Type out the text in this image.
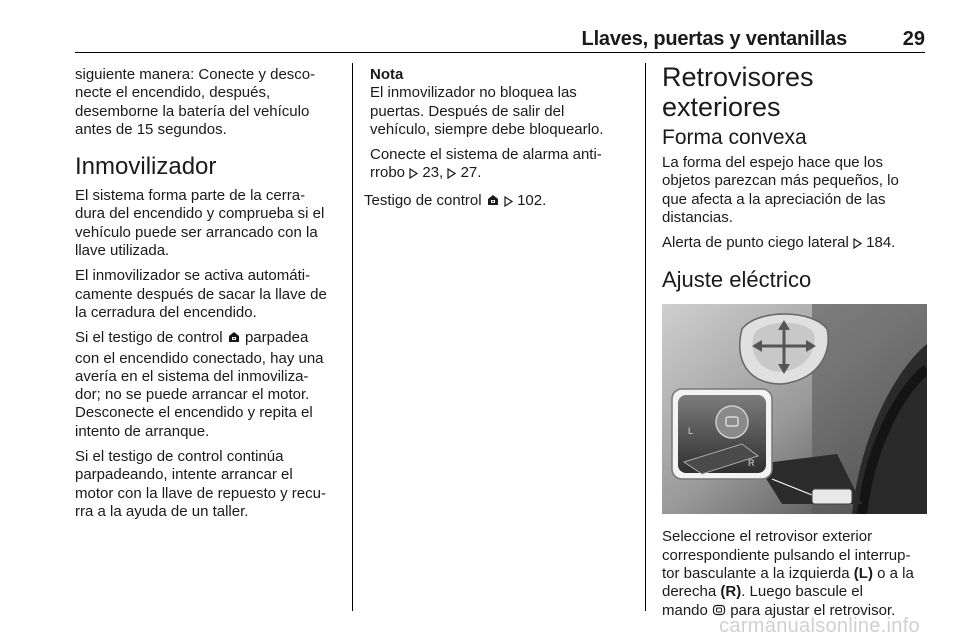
Llaves, puertas y ventanillas	29

siguiente manera: Conecte y desco-
necte el encendido, después,
desemborne la batería del vehículo
antes de 15 segundos.

Inmovilizador

El sistema forma parte de la cerra-
dura del encendido y comprueba si el
vehículo puede ser arrancado con la
llave utilizada.

El inmovilizador se activa automáti-
camente después de sacar la llave de
la cerradura del encendido.

Si el testigo de control parpadea
con el encendido conectado, hay una
avería en el sistema del inmoviliza-
dor; no se puede arrancar el motor.
Desconecte el encendido y repita el
intento de arranque.

Si el testigo de control continúa
parpadeando, intente arrancar el
motor con la llave de repuesto y recu-
rra a la ayuda de un taller.

Nota

El inmovilizador no bloquea las
puertas. Después de salir del
vehículo, siempre debe bloquearlo.

Conecte el sistema de alarma anti-
rrobo 23, 27.

Testigo de control 102.

Retrovisores exteriores
Forma convexa

La forma del espejo hace que los
objetos parezcan más pequeños, lo
que afecta a la apreciación de las
distancias.

Alerta de punto ciego lateral 184.

Ajuste eléctrico
L
R

Seleccione el retrovisor exterior
correspondiente pulsando el interrup-
tor basculante a la izquierda (L) o a la
derecha (R). Luego bascule el
mando para ajustar el retrovisor.

carmanualsonline.info
